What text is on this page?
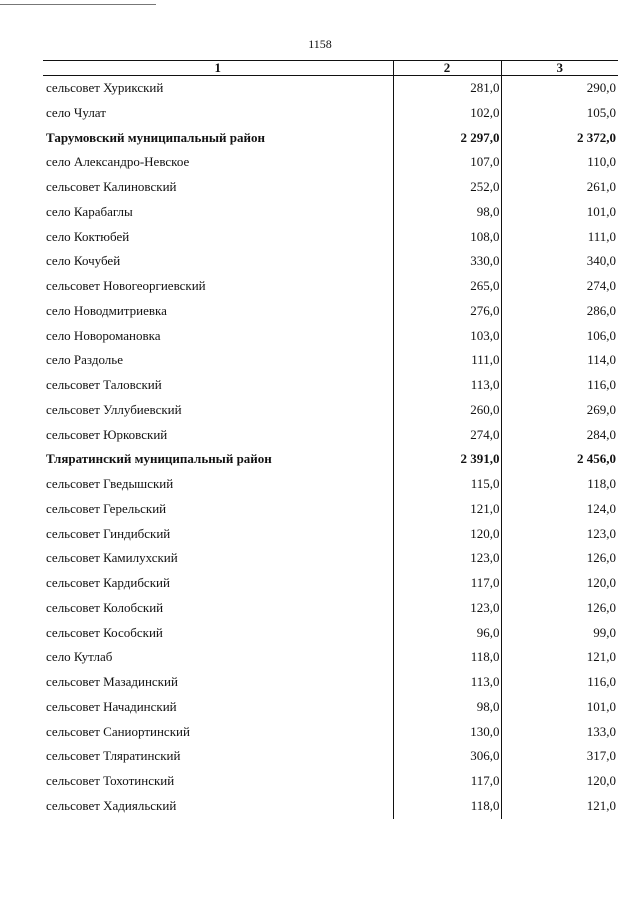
1158
1	2	3
сельсовет Хурикский	281,0	290,0
село Чулат	102,0	105,0
Тарумовский муниципальный район	2 297,0	2 372,0
село Александро-Невское	107,0	110,0
сельсовет Калиновский	252,0	261,0
село Карабаглы	98,0	101,0
село Коктюбей	108,0	111,0
село Кочубей	330,0	340,0
сельсовет Новогеоргиевский	265,0	274,0
село Новодмитриевка	276,0	286,0
село Новоромановка	103,0	106,0
село Раздолье	111,0	114,0
сельсовет Таловский	113,0	116,0
сельсовет Уллубиевский	260,0	269,0
сельсовет Юрковский	274,0	284,0
Тляратинский муниципальный район	2 391,0	2 456,0
сельсовет Гведышский	115,0	118,0
сельсовет Герельский	121,0	124,0
сельсовет Гиндибский	120,0	123,0
сельсовет Камилухский	123,0	126,0
сельсовет Кардибский	117,0	120,0
сельсовет Колобский	123,0	126,0
сельсовет Кособский	96,0	99,0
село Кутлаб	118,0	121,0
сельсовет Мазадинский	113,0	116,0
сельсовет Начадинский	98,0	101,0
сельсовет Саниортинский	130,0	133,0
сельсовет Тляратинский	306,0	317,0
сельсовет Тохотинский	117,0	120,0
сельсовет Хадияльский	118,0	121,0
